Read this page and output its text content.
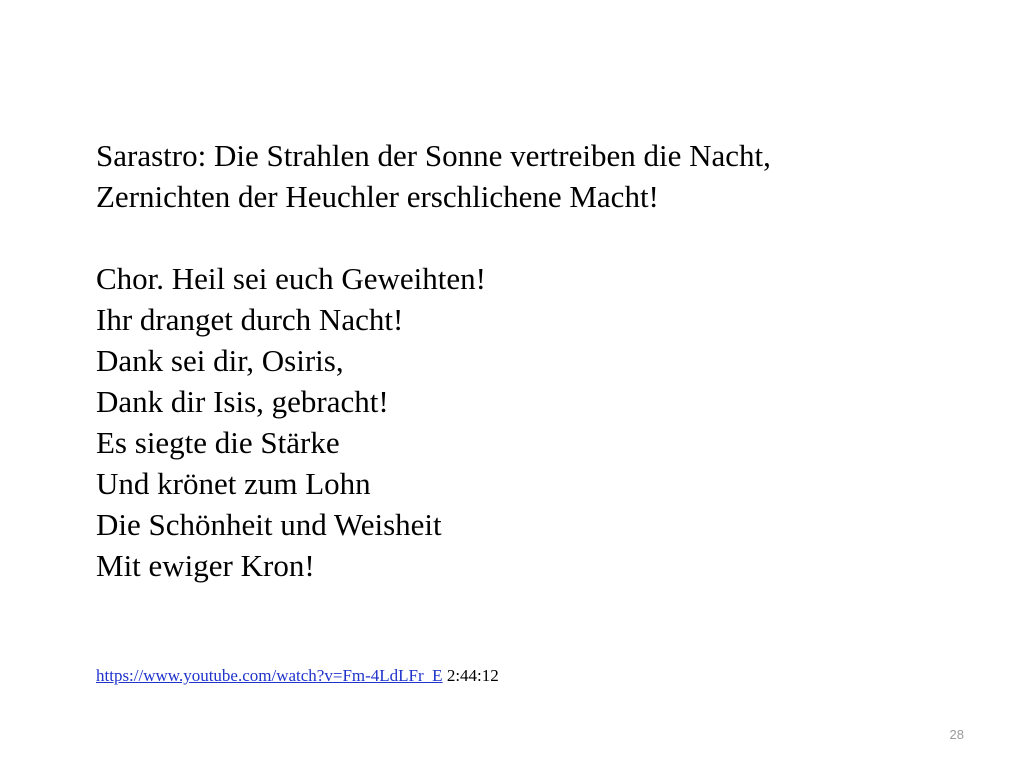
Sarastro: Die Strahlen der Sonne vertreiben die Nacht,
Zernichten der Heuchler erschlichene Macht!
Chor. Heil sei euch Geweihten!
Ihr dranget durch Nacht!
Dank sei dir, Osiris,
Dank dir Isis, gebracht!
Es siegte die Stärke
Und krönet zum Lohn
Die Schönheit und Weisheit
Mit ewiger Kron!
https://www.youtube.com/watch?v=Fm-4LdLFr_E 2:44:12
28
